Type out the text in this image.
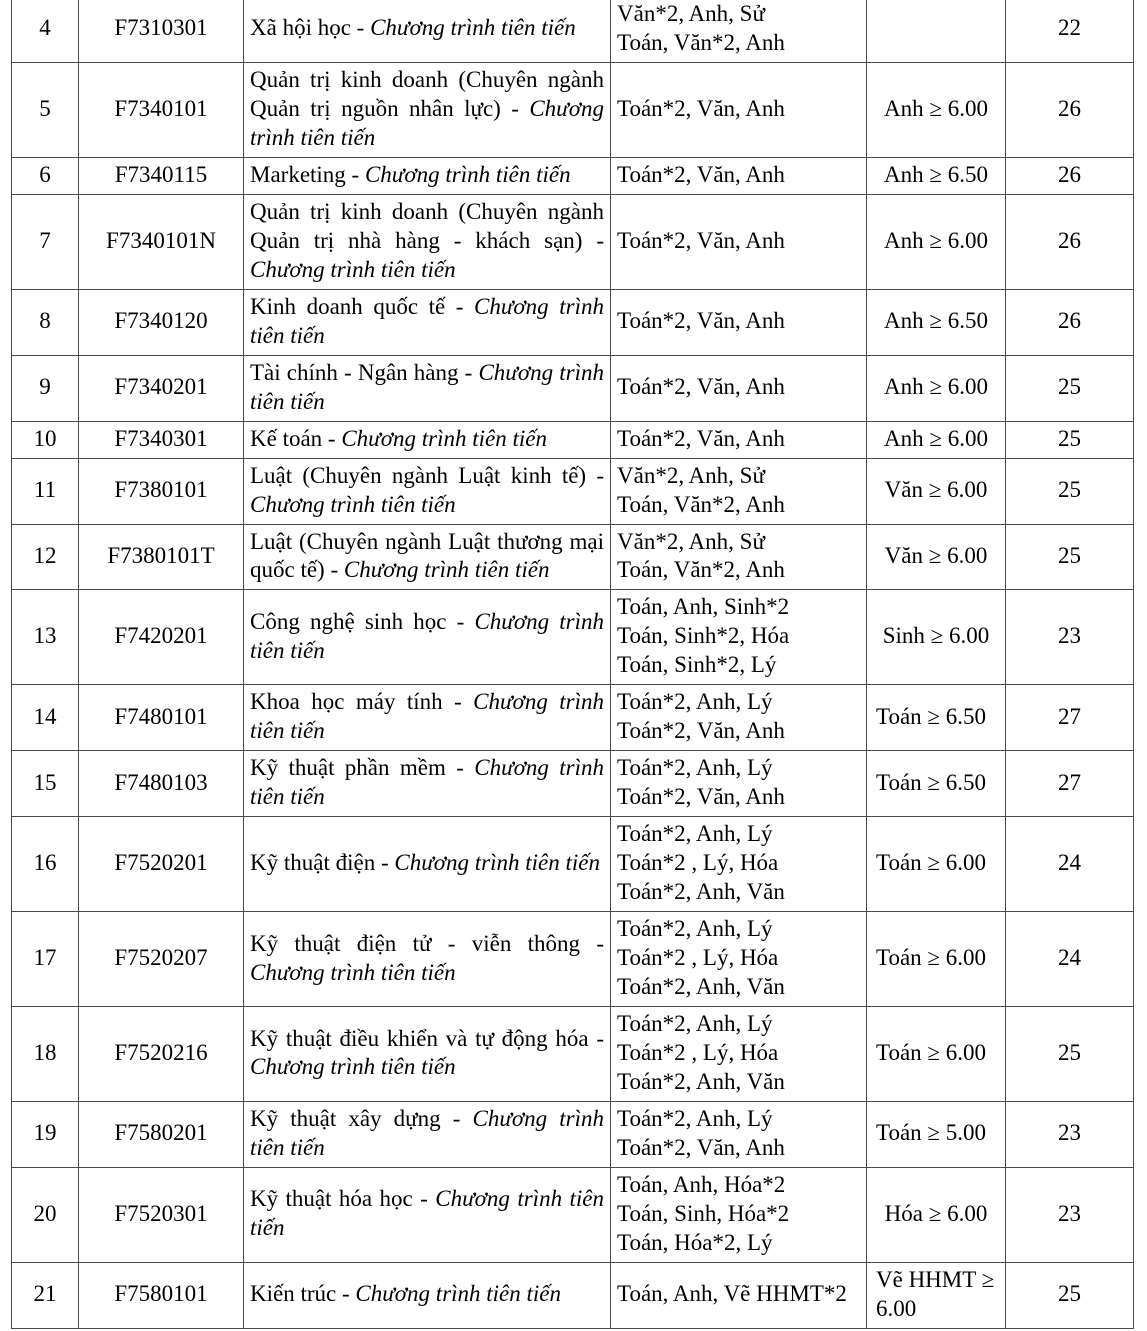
4	F7310301	Xã hội học - Chương trình tiên tiến	Văn*2, Anh, Sử
Toán, Văn*2, Anh		22
5	F7340101	Quản trị kinh doanh (Chuyên ngành Quản trị nguồn nhân lực) - Chương trình tiên tiến	Toán*2, Văn, Anh	Anh ≥ 6.00	26
6	F7340115	Marketing - Chương trình tiên tiến	Toán*2, Văn, Anh	Anh ≥ 6.50	26
7	F7340101N	Quản trị kinh doanh (Chuyên ngành Quản trị nhà hàng - khách sạn) - Chương trình tiên tiến	Toán*2, Văn, Anh	Anh ≥ 6.00	26
8	F7340120	Kinh doanh quốc tế - Chương trình tiên tiến	Toán*2, Văn, Anh	Anh ≥ 6.50	26
9	F7340201	Tài chính - Ngân hàng - Chương trình tiên tiến	Toán*2, Văn, Anh	Anh ≥ 6.00	25
10	F7340301	Kế toán - Chương trình tiên tiến	Toán*2, Văn, Anh	Anh ≥ 6.00	25
11	F7380101	Luật (Chuyên ngành Luật kinh tế) - Chương trình tiên tiến	Văn*2, Anh, Sử
Toán, Văn*2, Anh	Văn ≥ 6.00	25
12	F7380101T	Luật (Chuyên ngành Luật thương mại quốc tế) - Chương trình tiên tiến	Văn*2, Anh, Sử
Toán, Văn*2, Anh	Văn ≥ 6.00	25
13	F7420201	Công nghệ sinh học - Chương trình tiên tiến	Toán, Anh, Sinh*2
Toán, Sinh*2, Hóa
Toán, Sinh*2, Lý	Sinh ≥ 6.00	23
14	F7480101	Khoa học máy tính - Chương trình tiên tiến	Toán*2, Anh, Lý
Toán*2, Văn, Anh	Toán ≥ 6.50	27
15	F7480103	Kỹ thuật phần mềm - Chương trình tiên tiến	Toán*2, Anh, Lý
Toán*2, Văn, Anh	Toán ≥ 6.50	27
16	F7520201	Kỹ thuật điện - Chương trình tiên tiến	Toán*2, Anh, Lý
Toán*2 , Lý, Hóa
Toán*2, Anh, Văn	Toán ≥ 6.00	24
17	F7520207	Kỹ thuật điện tử - viễn thông - Chương trình tiên tiến	Toán*2, Anh, Lý
Toán*2 , Lý, Hóa
Toán*2, Anh, Văn	Toán ≥ 6.00	24
18	F7520216	Kỹ thuật điều khiển và tự động hóa - Chương trình tiên tiến	Toán*2, Anh, Lý
Toán*2 , Lý, Hóa
Toán*2, Anh, Văn	Toán ≥ 6.00	25
19	F7580201	Kỹ thuật xây dựng - Chương trình tiên tiến	Toán*2, Anh, Lý
Toán*2, Văn, Anh	Toán ≥ 5.00	23
20	F7520301	Kỹ thuật hóa học - Chương trình tiên tiến	Toán, Anh, Hóa*2
Toán, Sinh, Hóa*2
Toán, Hóa*2, Lý	Hóa ≥ 6.00	23
21	F7580101	Kiến trúc - Chương trình tiên tiến	Toán, Anh, Vẽ HHMT*2	Vẽ HHMT ≥ 6.00	25
